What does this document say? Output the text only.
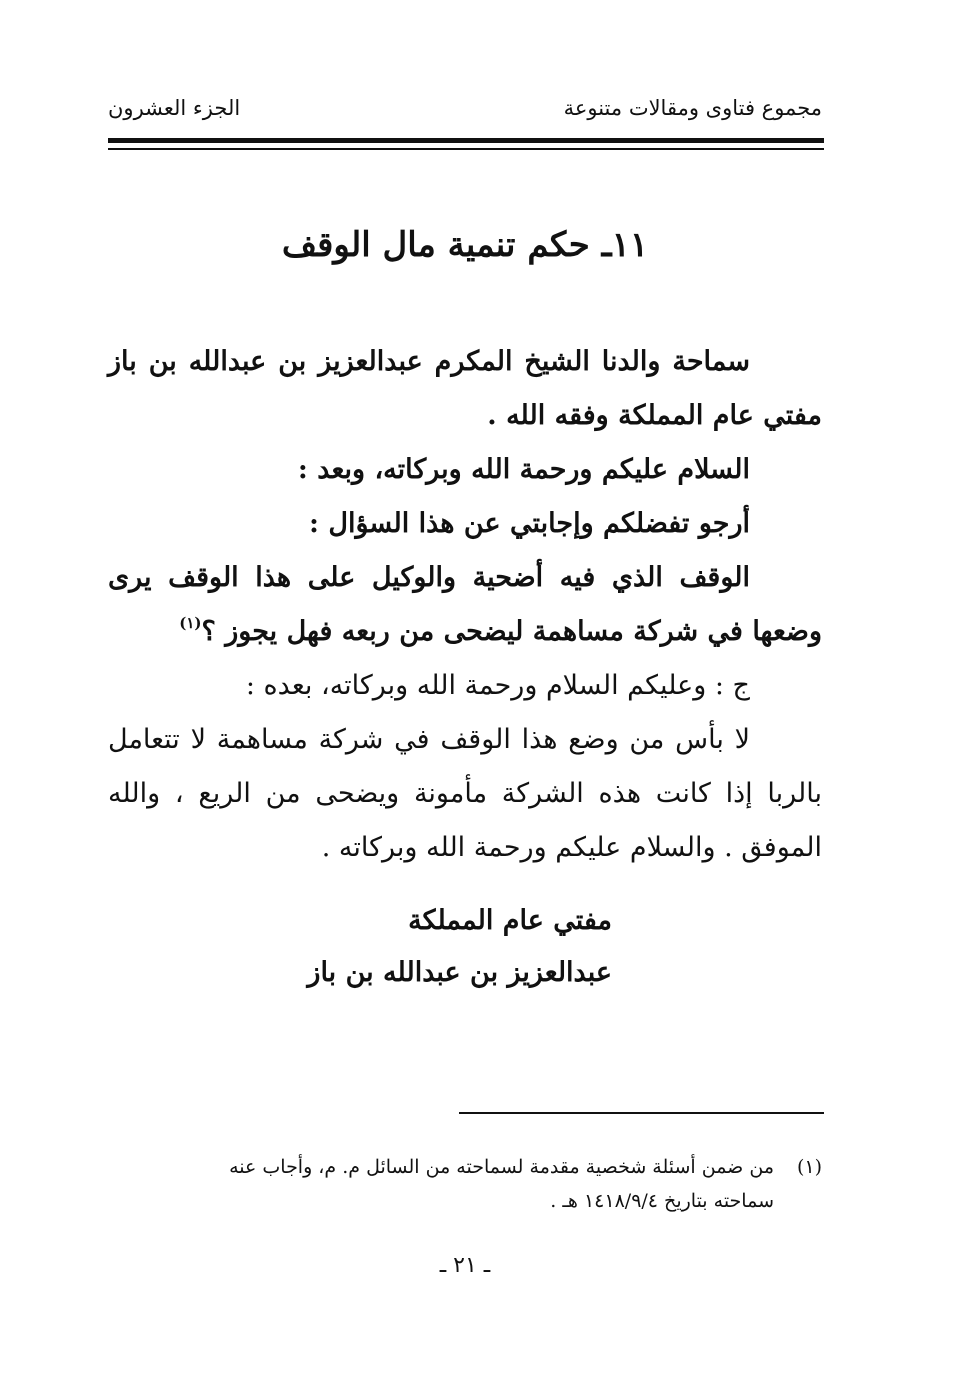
مجموع فتاوى ومقالات متنوعة
الجزء العشرون
١١ـ حكم تنمية مال الوقف

سماحة والدنا الشيخ المكرم عبدالعزيز بن عبدالله بن باز مفتي عام المملكة وفقه الله .

السلام عليكم ورحمة الله وبركاته، وبعد :

أرجو تفضلكم وإجابتي عن هذا السؤال :

الوقف الذي فيه أضحية والوكيل على هذا الوقف يرى وضعها في شركة مساهمة ليضحى من ربعه فهل يجوز ؟$^{(١)}$

ج : وعليكم السلام ورحمة الله وبركاته، بعده :

لا بأس من وضع هذا الوقف في شركة مساهمة لا تتعامل بالربا إذا كانت هذه الشركة مأمونة ويضحى من الريع ، والله الموفق . والسلام عليكم ورحمة الله وبركاته .

مفتي عام المملكة
عبدالعزيز بن عبدالله بن باز
(١)من ضمن أسئلة شخصية مقدمة لسماحته من السائل م. م، وأجاب عنه
سماحته بتاريخ ١٤١٨/٩/٤ هـ .
ـ ٢١ ـ
